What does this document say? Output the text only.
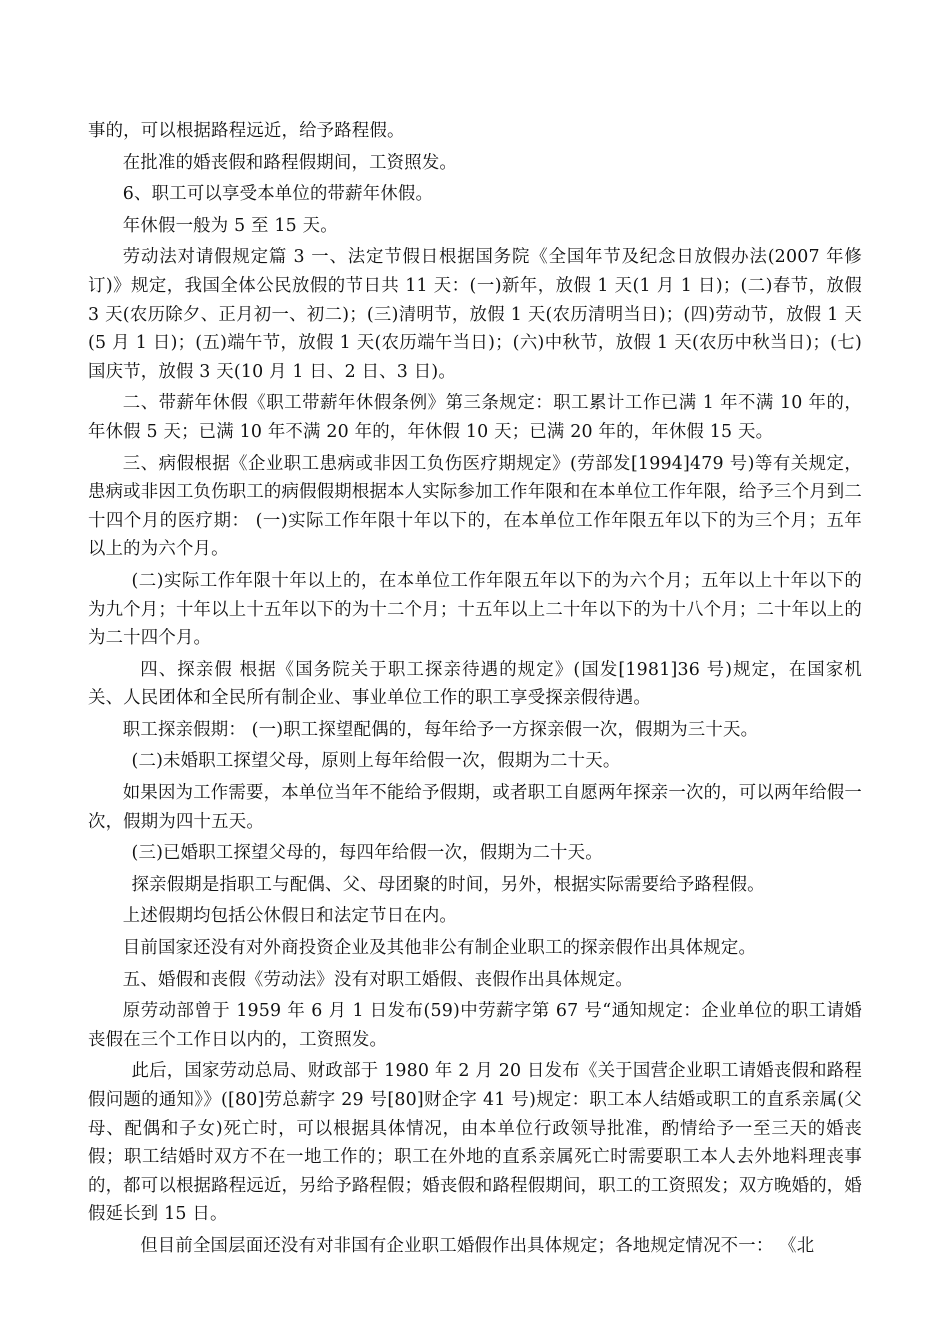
事的，可以根据路程远近，给予路程假。

在批准的婚丧假和路程假期间，工资照发。

6、职工可以享受本单位的带薪年休假。

年休假一般为 5 至 15 天。

劳动法对请假规定篇 3 一、法定节假日根据国务院《全国年节及纪念日放假办法(2007 年修订)》规定，我国全体公民放假的节日共 11 天：(一)新年，放假 1 天(1 月 1 日)；(二)春节，放假 3 天(农历除夕、正月初一、初二)；(三)清明节，放假 1 天(农历清明当日)；(四)劳动节，放假 1 天(5 月 1 日)；(五)端午节，放假 1 天(农历端午当日)；(六)中秋节，放假 1 天(农历中秋当日)；(七)国庆节，放假 3 天(10 月 1 日、2 日、3 日)。

二、带薪年休假《职工带薪年休假条例》第三条规定：职工累计工作已满 1 年不满 10 年的，年休假 5 天；已满 10 年不满 20 年的，年休假 10 天；已满 20 年的，年休假 15 天。

三、病假根据《企业职工患病或非因工负伤医疗期规定》(劳部发[1994]479 号)等有关规定，患病或非因工负伤职工的病假假期根据本人实际参加工作年限和在本单位工作年限，给予三个月到二十四个月的医疗期： (一)实际工作年限十年以下的，在本单位工作年限五年以下的为三个月；五年以上的为六个月。

(二)实际工作年限十年以上的，在本单位工作年限五年以下的为六个月；五年以上十年以下的为九个月；十年以上十五年以下的为十二个月；十五年以上二十年以下的为十八个月；二十年以上的为二十四个月。

四、探亲假 根据《国务院关于职工探亲待遇的规定》(国发[1981]36 号)规定，在国家机关、人民团体和全民所有制企业、事业单位工作的职工享受探亲假待遇。

职工探亲假期： (一)职工探望配偶的，每年给予一方探亲假一次，假期为三十天。

(二)未婚职工探望父母，原则上每年给假一次，假期为二十天。

如果因为工作需要，本单位当年不能给予假期，或者职工自愿两年探亲一次的，可以两年给假一次，假期为四十五天。

(三)已婚职工探望父母的，每四年给假一次，假期为二十天。

探亲假期是指职工与配偶、父、母团聚的时间，另外，根据实际需要给予路程假。

上述假期均包括公休假日和法定节日在内。

目前国家还没有对外商投资企业及其他非公有制企业职工的探亲假作出具体规定。

五、婚假和丧假《劳动法》没有对职工婚假、丧假作出具体规定。

原劳动部曾于 1959 年 6 月 1 日发布(59)中劳薪字第 67 号“通知规定：企业单位的职工请婚丧假在三个工作日以内的，工资照发。

此后，国家劳动总局、财政部于 1980 年 2 月 20 日发布《关于国营企业职工请婚丧假和路程假问题的通知》》([80]劳总薪字 29 号[80]财企字 41 号)规定：职工本人结婚或职工的直系亲属(父母、配偶和子女)死亡时，可以根据具体情况，由本单位行政领导批准，酌情给予一至三天的婚丧假；职工结婚时双方不在一地工作的；职工在外地的直系亲属死亡时需要职工本人去外地料理丧事的，都可以根据路程远近，另给予路程假；婚丧假和路程假期间，职工的工资照发；双方晚婚的，婚假延长到 15 日。

但目前全国层面还没有对非国有企业职工婚假作出具体规定；各地规定情况不一： 《北
